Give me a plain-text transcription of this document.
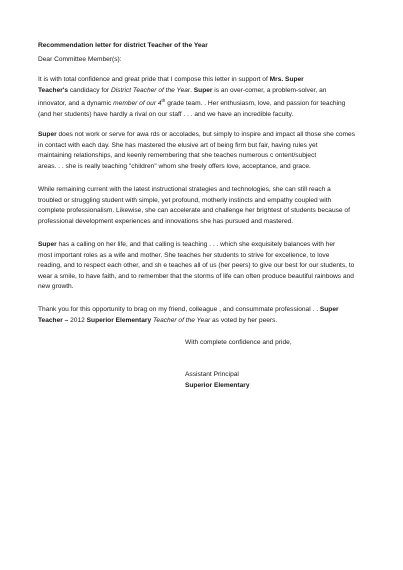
Recommendation letter for district Teacher of the Year
Dear Committee Member(s):
It is with total confidence and great pride that I compose this letter in support of Mrs. Super
Teacher's candidacy for District Teacher of the Year. Super is an over-comer, a problem-solver, an
innovator, and a dynamic member of our 4th grade team. . Her enthusiasm, love, and passion for teaching
(and her students) have hardly a rival on our staff . . . and we have an incredible faculty.
Super does not work or serve for awa rds or accolades, but simply to inspire and impact all those she comes
in contact with each day. She has mastered the elusive art of being firm but fair, having rules yet
maintaining relationships, and keenly remembering that she teaches numerous c ontent/subject
areas. . . she is really teaching "children" whom she freely offers love, acceptance, and grace.
While remaining current with the latest instructional strategies and technologies, she can still reach a
troubled or struggling student with simple, yet profound, motherly instincts and empathy coupled with
complete professionalism. Likewise, she can accelerate and challenge her brightest of students because of
professional development experiences and innovations she has pursued and mastered.
Super has a calling on her life, and that calling is teaching . . . which she exquisitely balances with her
most important roles as a wife and mother. She teaches her students to strive for excellence, to love
reading, and to respect each other, and sh e teaches all of us (her peers) to give our best for our students, to
wear a smile, to have faith, and to remember that the storms of life can often produce beautiful rainbows and
new growth.
Thank you for this opportunity to brag on my friend, colleague , and consummate professional . . Super
Teacher – 2012 Superior Elementary Teacher of the Year as voted by her peers.
With complete confidence and pride,
Assistant Principal
Superior Elementary
